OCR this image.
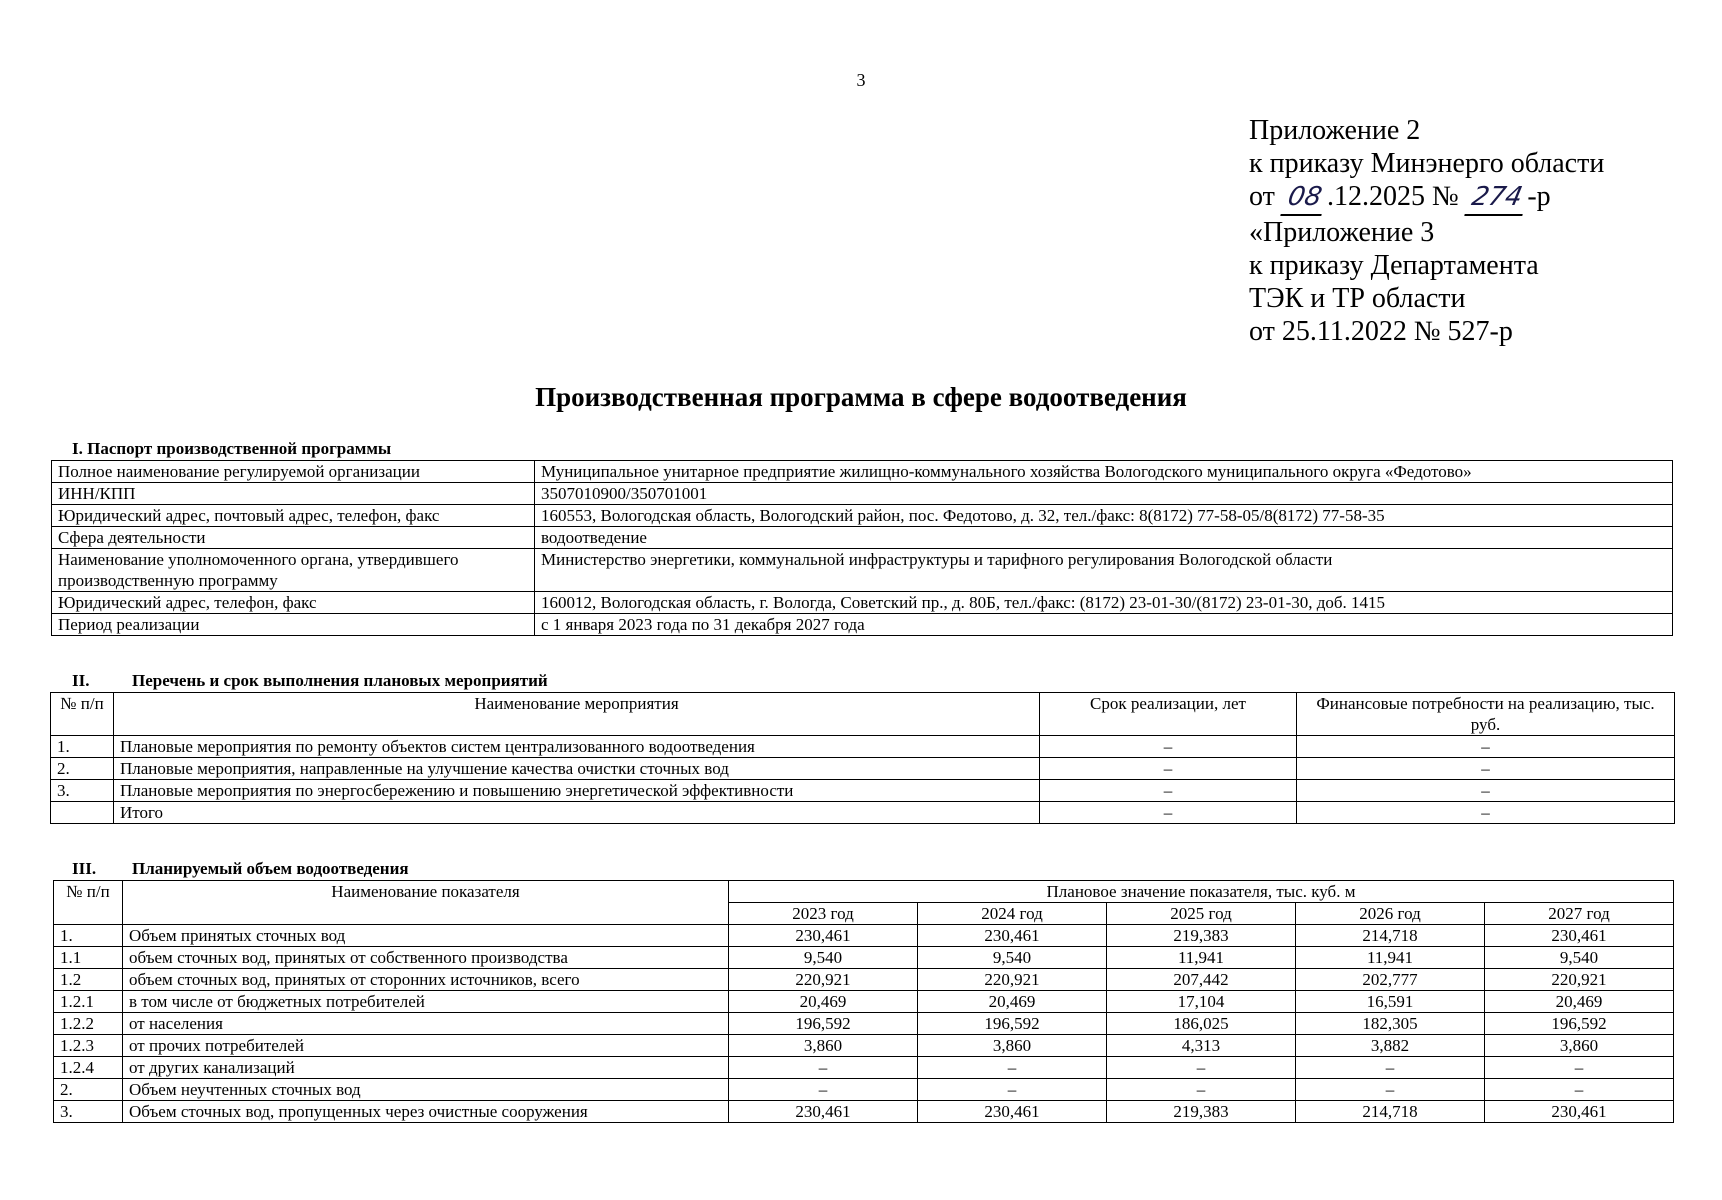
3
Приложение 2
к приказу Минэнерго области
от 08.12.2025 № 274-р
«Приложение 3
к приказу Департамента
ТЭК и ТР области
от 25.11.2022 № 527-р
Производственная программа в сфере водоотведения
I. Паспорт производственной программы
Полное наименование регулируемой организации	Муниципальное унитарное предприятие жилищно-коммунального хозяйства Вологодского муниципального округа «Федотово»
ИНН/КПП	3507010900/350701001
Юридический адрес, почтовый адрес, телефон, факс	160553, Вологодская область, Вологодский район, пос. Федотово, д. 32, тел./факс: 8(8172) 77-58-05/8(8172) 77-58-35
Сфера деятельности	водоотведение
Наименование уполномоченного органа, утвердившего производственную программу	Министерство энергетики, коммунальной инфраструктуры и тарифного регулирования Вологодской области
Юридический адрес, телефон, факс	160012, Вологодская область, г. Вологда, Советский пр., д. 80Б, тел./факс: (8172) 23-01-30/(8172) 23-01-30, доб. 1415
Период реализации	с 1 января 2023 года по 31 декабря 2027 года
II.	Перечень и срок выполнения плановых мероприятий
№ п/п	Наименование мероприятия	Срок реализации, лет	Финансовые потребности на реализацию, тыс. руб.
1.	Плановые мероприятия по ремонту объектов систем централизованного водоотведения	–	–
2.	Плановые мероприятия, направленные на улучшение качества очистки сточных вод	–	–
3.	Плановые мероприятия по энергосбережению и повышению энергетической эффективности	–	–
	Итого	–	–
III. Планируемый объем водоотведения
№ п/п	Наименование показателя	Плановое значение показателя, тыс. куб. м				
		2023 год	2024 год	2025 год	2026 год	2027 год
1.	Объем принятых сточных вод	230,461	230,461	219,383	214,718	230,461
1.1	объем сточных вод, принятых от собственного производства	9,540	9,540	11,941	11,941	9,540
1.2	объем сточных вод, принятых от сторонних источников, всего	220,921	220,921	207,442	202,777	220,921
1.2.1	в том числе от бюджетных потребителей	20,469	20,469	17,104	16,591	20,469
1.2.2	от населения	196,592	196,592	186,025	182,305	196,592
1.2.3	от прочих потребителей	3,860	3,860	4,313	3,882	3,860
1.2.4	от других канализаций	–	–	–	–	–
2.	Объем неучтенных сточных вод	–	–	–	–	–
3.	Объем сточных вод, пропущенных через очистные сооружения	230,461	230,461	219,383	214,718	230,461
